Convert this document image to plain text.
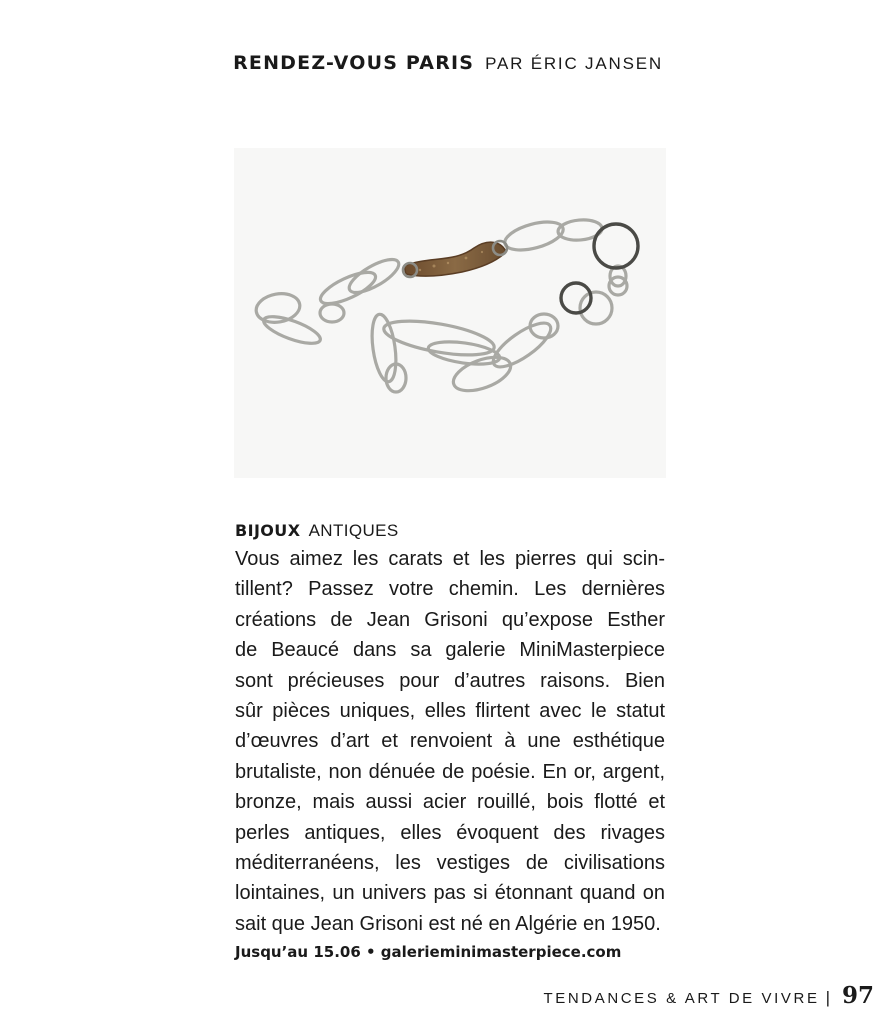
RENDEZ-VOUS PARIS PAR ÉRIC JANSEN
BIJOUX ANTIQUES
Vous aimez les carats et les pierres qui scin-
tillent? Passez votre chemin. Les dernières
créations de Jean Grisoni qu’expose Esther
de Beaucé dans sa galerie MiniMasterpiece
sont précieuses pour d’autres raisons. Bien
sûr pièces uniques, elles flirtent avec le statut
d’œuvres d’art et renvoient à une esthétique
brutaliste, non dénuée de poésie. En or, argent,
bronze, mais aussi acier rouillé, bois flotté et
perles antiques, elles évoquent des rivages
méditerranéens, les vestiges de civilisations
lointaines, un univers pas si étonnant quand on
sait que Jean Grisoni est né en Algérie en 1950.
Jusqu’au 15.06 • galerieminimasterpiece.com
TENDANCES & ART DE VIVRE | 97
